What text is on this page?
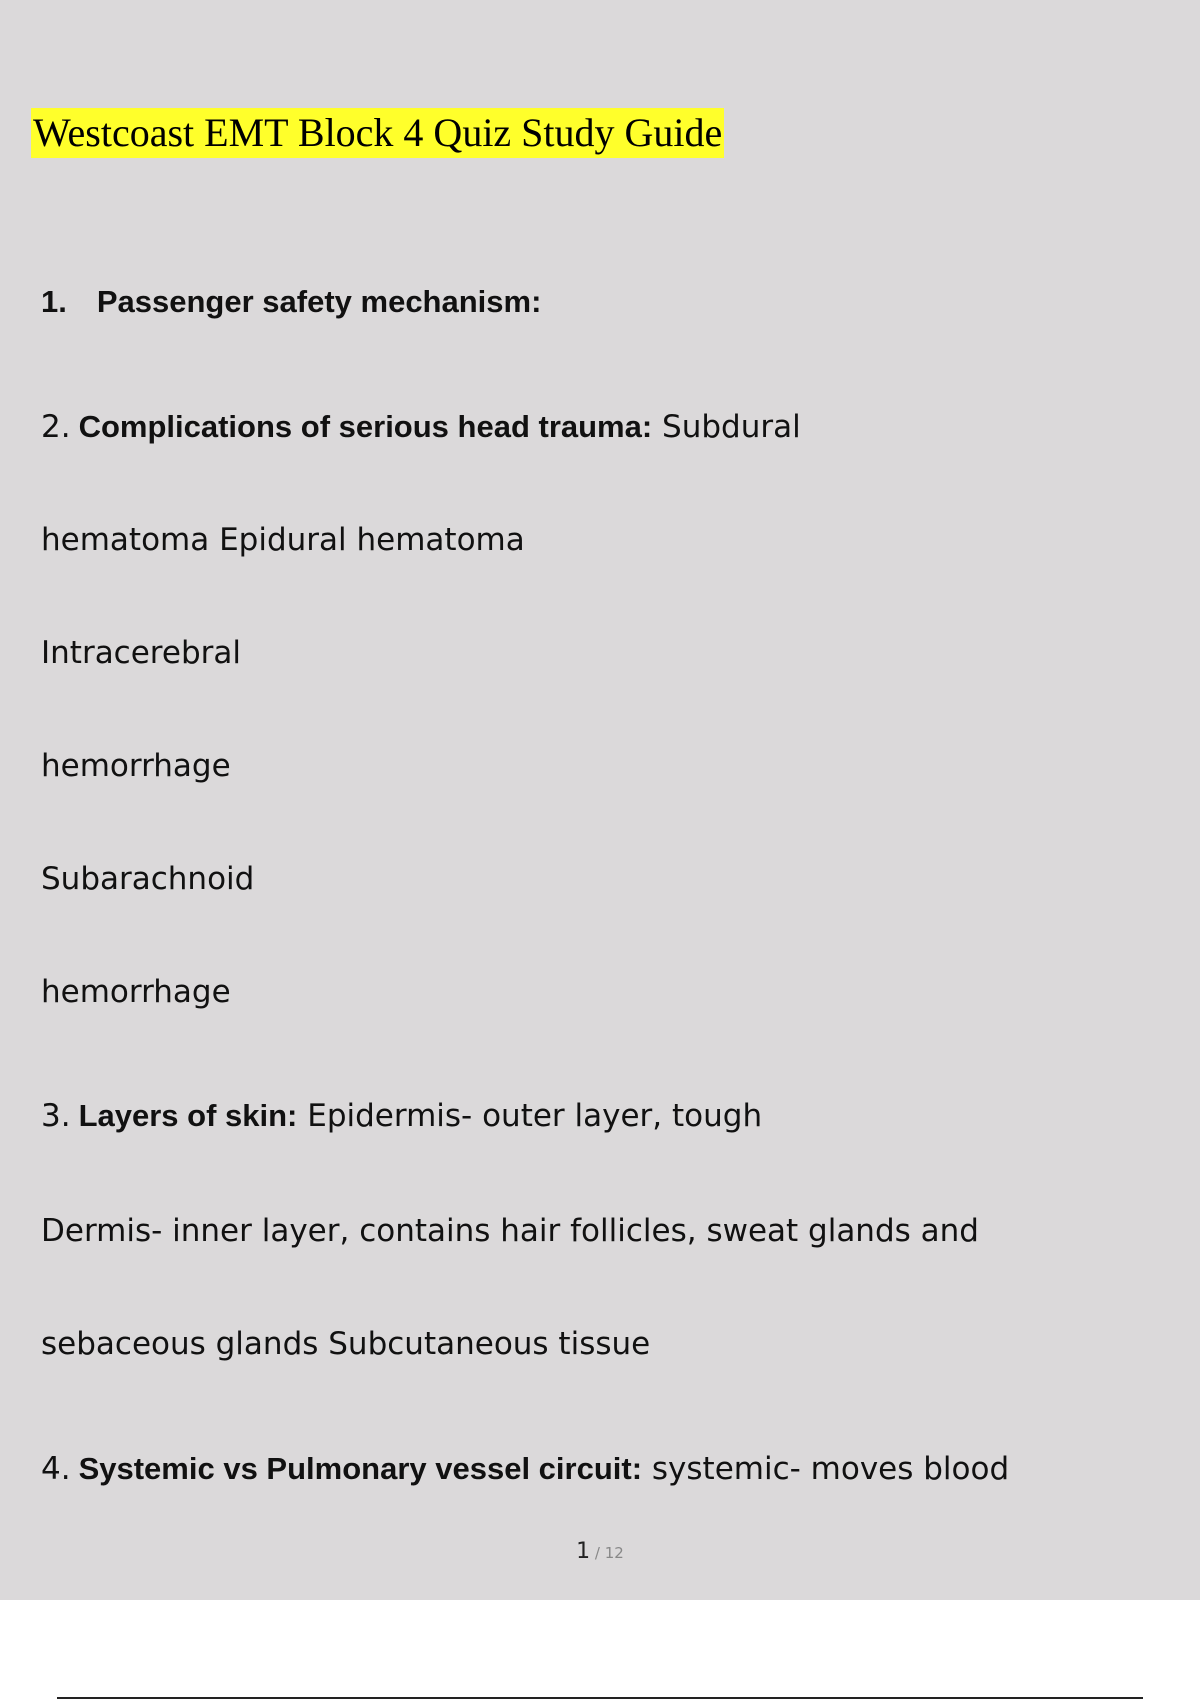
Westcoast EMT Block 4 Quiz Study Guide
1. Passenger safety mechanism:
2. Complications of serious head trauma: Subdural
hematoma Epidural hematoma
Intracerebral
hemorrhage
Subarachnoid
hemorrhage
3. Layers of skin: Epidermis- outer layer, tough
Dermis- inner layer, contains hair follicles, sweat glands and
sebaceous glands Subcutaneous tissue
4. Systemic vs Pulmonary vessel circuit: systemic- moves blood
1 / 12
